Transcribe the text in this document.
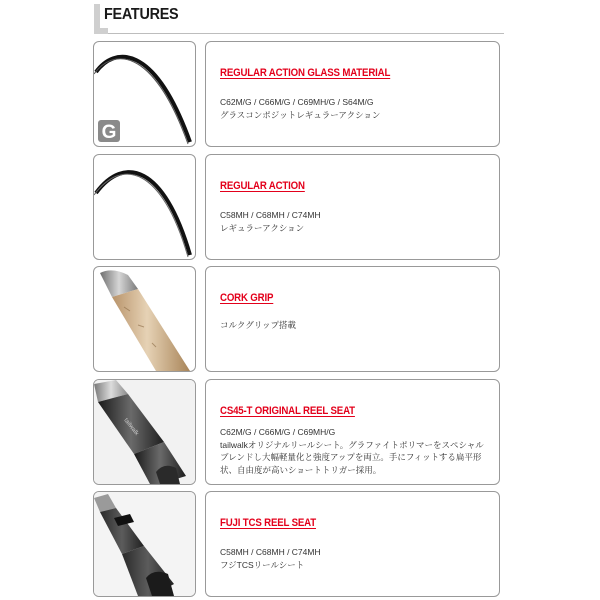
FEATURES
G
REGULAR ACTION GLASS MATERIAL
C62M/G / C66M/G / C69MH/G / S64M/G
グラスコンポジットレギュラーアクション
REGULAR ACTION
C58MH / C68MH / C74MH
レギュラーアクション
CORK GRIP
コルクグリップ搭載
tailwalk
CS45-T ORIGINAL REEL SEAT
C62M/G / C66M/G / C69MH/G
tailwalkオリジナルリールシート。グラファイトポリマーをスペシャルブレンドし大幅軽量化と強度アップを両立。手にフィットする扁平形状、自由度が高いショートトリガー採用。
FUJI TCS REEL SEAT
C58MH / C68MH / C74MH
フジTCSリールシート
